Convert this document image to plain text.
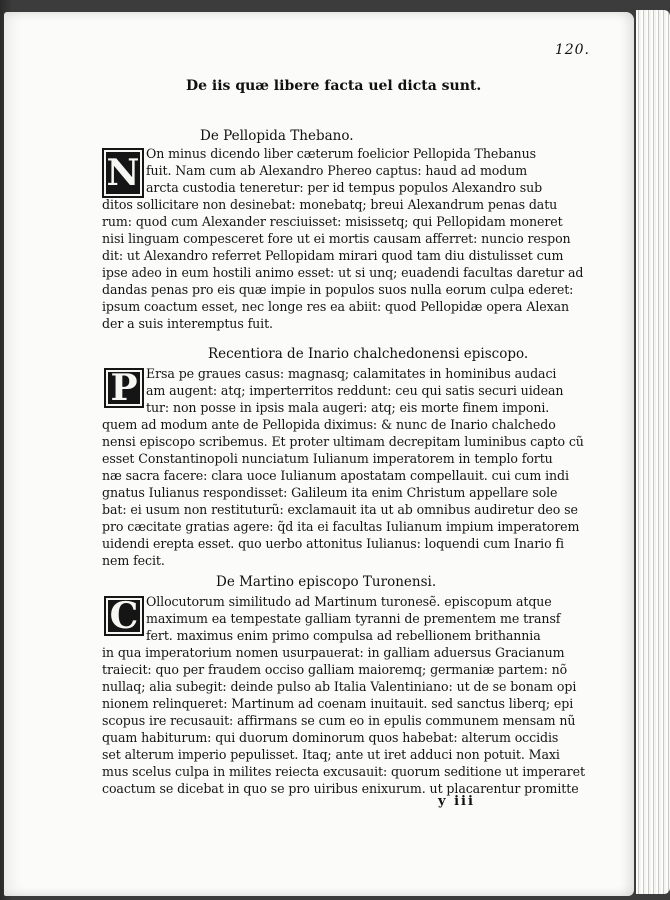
120.
De iis quæ libere facta uel dicta sunt.
De Pellopida Thebano.
N On minus dicendo liber cæterum foelicior Pellopida Thebanus
fuit. Nam cum ab Alexandro Phereo captus: haud ad modum
arcta custodia teneretur: per id tempus populos Alexandro sub
ditos sollicitare non desinebat: monebatq; breui Alexandrum penas datu
rum: quod cum Alexander resciuisset: misissetq; qui Pellopidam moneret
nisi linguam compesceret fore ut ei mortis causam afferret: nuncio respon
dit: ut Alexandro referret Pellopidam mirari quod tam diu distulisset cum
ipse adeo in eum hostili animo esset: ut si unq; euadendi facultas daretur ad
dandas penas pro eis quæ impie in populos suos nulla eorum culpa ederet:
ipsum coactum esset, nec longe res ea abiit: quod Pellopidæ opera Alexan
der a suis interemptus fuit.
Recentiora de Inario chalchedonensi episcopo.
P Ersa pe graues casus: magnasq; calamitates in hominibus audaci
am augent: atq; imperterritos reddunt: ceu qui satis securi uidean
tur: non posse in ipsis mala augeri: atq; eis morte finem imponi.
quem ad modum ante de Pellopida diximus: & nunc de Inario chalchedo
nensi episcopo scribemus. Et proter ultimam decrepitam luminibus capto cũ
esset Constantinopoli nunciatum Iulianum imperatorem in templo fortu
næ sacra facere: clara uoce Iulianum apostatam compellauit. cui cum indi
gnatus Iulianus respondisset: Galileum ita enim Christum appellare sole
bat: ei usum non restituturũ: exclamauit ita ut ab omnibus audiretur deo se
pro cæcitate gratias agere: q̃d ita ei facultas Iulianum impium imperatorem
uidendi erepta esset. quo uerbo attonitus Iulianus: loquendi cum Inario fi
nem fecit.
De Martino episcopo Turonensi.
C Ollocutorum similitudo ad Martinum turonesẽ. episcopum atque
maximum ea tempestate galliam tyranni de prementem me transf
fert. maximus enim primo compulsa ad rebellionem brithannia
in qua imperatorium nomen usurpauerat: in galliam aduersus Gracianum
traiecit: quo per fraudem occiso galliam maioremq; germaniæ partem: nõ
nullaq; alia subegit: deinde pulso ab Italia Valentiniano: ut de se bonam opi
nionem relinqueret: Martinum ad coenam inuitauit. sed sanctus liberq; epi
scopus ire recusauit: affirmans se cum eo in epulis communem mensam nũ
quam habiturum: qui duorum dominorum quos habebat: alterum occidis
set alterum imperio pepulisset. Itaq; ante ut iret adduci non potuit. Maxi
mus scelus culpa in milites reiecta excusauit: quorum seditione ut imperaret
coactum se dicebat in quo se pro uiribus enixurum. ut placarentur promitte
y iii
